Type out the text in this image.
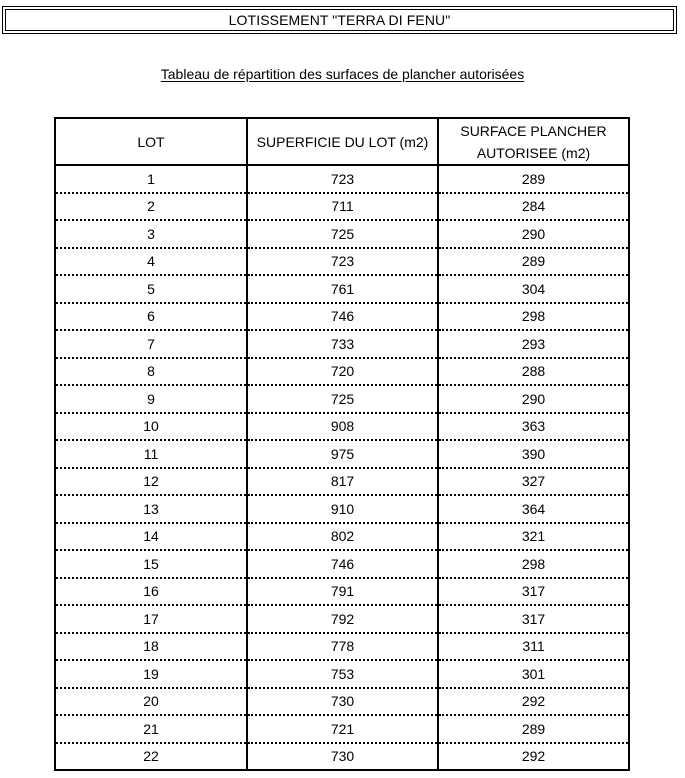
LOTISSEMENT "TERRA DI FENU"
Tableau de répartition des surfaces de plancher autorisées
LOT	SUPERFICIE DU LOT (m2)	SURFACE PLANCHER AUTORISEE (m2)
1	723	289
2	711	284
3	725	290
4	723	289
5	761	304
6	746	298
7	733	293
8	720	288
9	725	290
10	908	363
11	975	390
12	817	327
13	910	364
14	802	321
15	746	298
16	791	317
17	792	317
18	778	311
19	753	301
20	730	292
21	721	289
22	730	292
